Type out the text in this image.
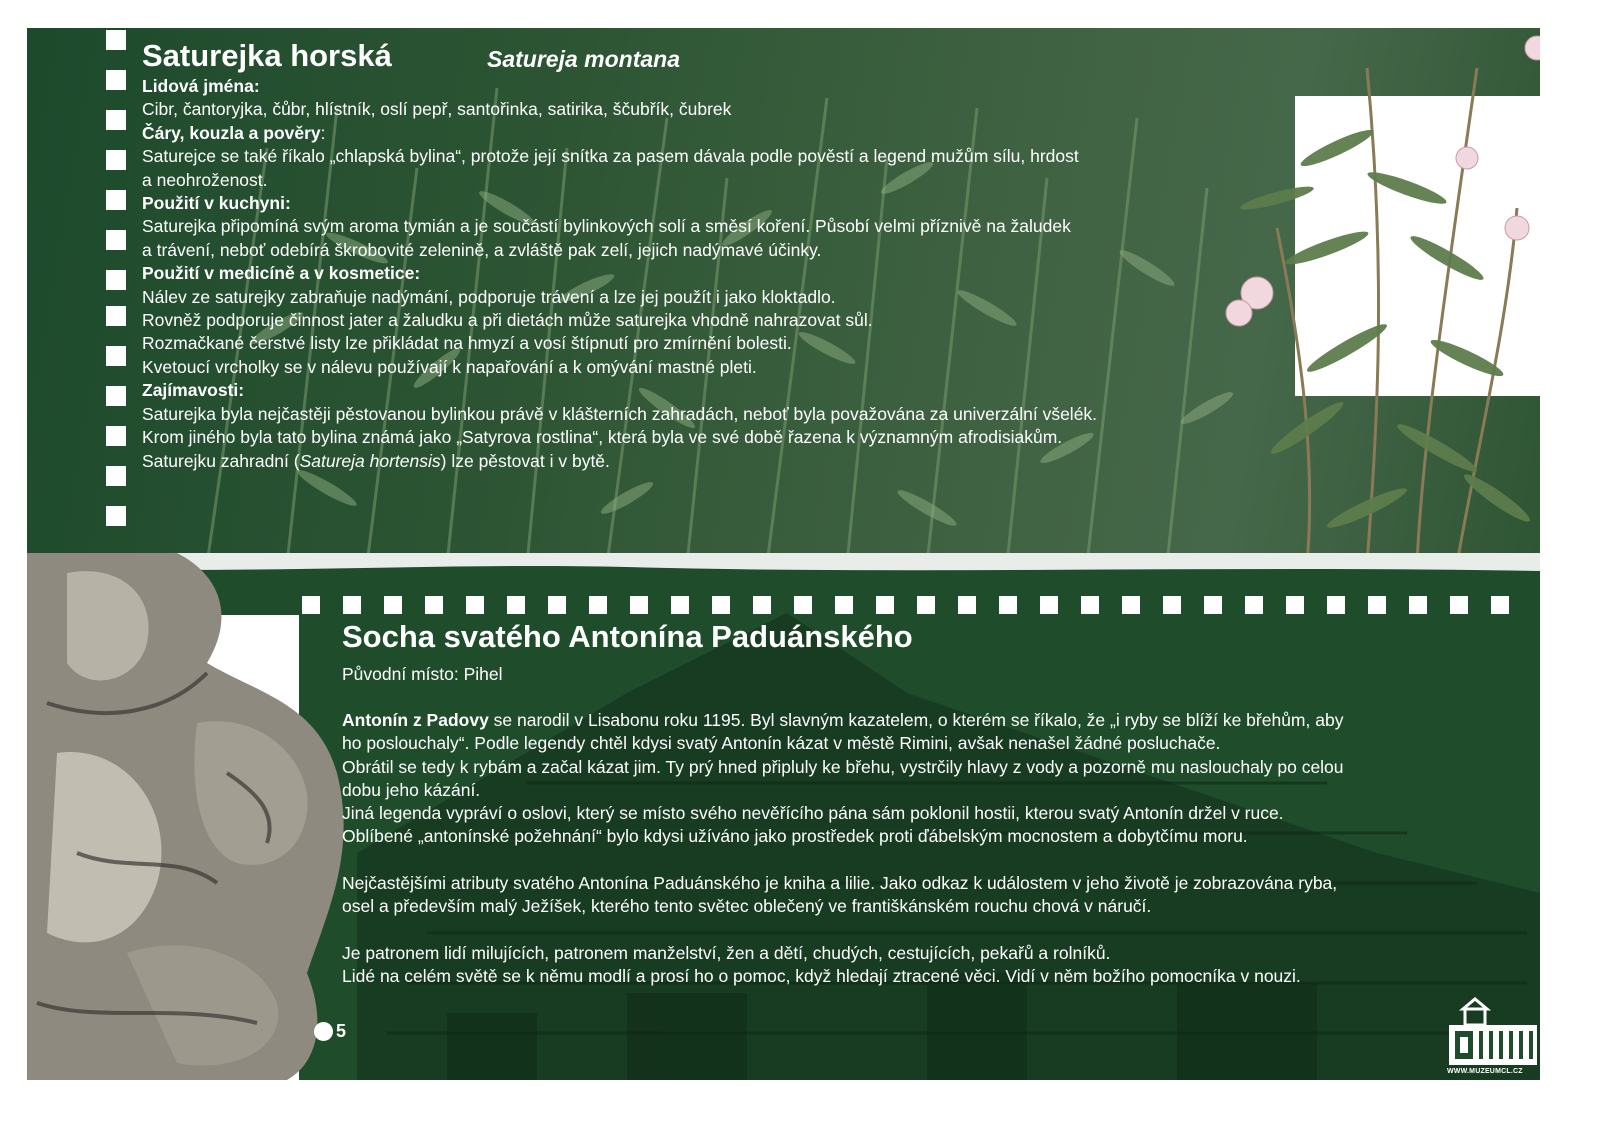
Saturejka horská	Satureja montana
Lidová jména:
Cibr, čantoryjka, čůbr, hlístník, oslí pepř, santořinka, satirika, ščubřík, čubrek
Čáry, kouzla a pověry:
Saturejce se také říkalo „chlapská bylina“, protože její snítka za pasem dávala podle pověstí a legend mužům sílu, hrdost
a neohroženost.
Použití v kuchyni:
Saturejka připomíná svým aroma tymián a je součástí bylinkových solí a směsí koření. Působí velmi příznivě na žaludek
a trávení, neboť odebírá škrobovité zelenině, a zvláště pak zelí, jejich nadýmavé účinky.
Použití v medicíně a v kosmetice:
Nálev ze saturejky zabraňuje nadýmání, podporuje trávení a lze jej použít i jako kloktadlo.
Rovněž podporuje činnost jater a žaludku a při dietách může saturejka vhodně nahrazovat sůl.
Rozmačkané čerstvé listy lze přikládat na hmyzí a vosí štípnutí pro zmírnění bolesti.
Kvetoucí vrcholky se v nálevu používají k napařování a k omývání mastné pleti.
Zajímavosti:
Saturejka byla nejčastěji pěstovanou bylinkou právě v klášterních zahradách, neboť byla považována za univerzální všelék.
Krom jiného byla tato bylina známá jako „Satyrova rostlina“, která byla ve své době řazena k významným afrodisiakům.
Saturejku zahradní (Satureja hortensis) lze pěstovat i v bytě.
Socha svatého Antonína Paduánského
Původní místo: Pihel
Antonín z Padovy se narodil v Lisabonu roku 1195. Byl slavným kazatelem, o kterém se říkalo, že „i ryby se blíží ke břehům, aby
ho poslouchaly“. Podle legendy chtěl kdysi svatý Antonín kázat v městě Rimini, avšak nenašel žádné posluchače.
Obrátil se tedy k rybám a začal kázat jim. Ty prý hned připluly ke břehu, vystrčily hlavy z vody a pozorně mu naslouchaly po celou
dobu jeho kázání.
Jiná legenda vypráví o oslovi, který se místo svého nevěřícího pána sám poklonil hostii, kterou svatý Antonín držel v ruce.
Oblíbené „antonínské požehnání“ bylo kdysi užíváno jako prostředek proti ďábelským mocnostem a dobytčímu moru.
Nejčastějšími atributy svatého Antonína Paduánského je kniha a lilie. Jako odkaz k událostem v jeho životě je zobrazována ryba,
osel a především malý Ježíšek, kterého tento světec oblečený ve františkánském rouchu chová v náručí.
Je patronem lidí milujících, patronem manželství, žen a dětí, chudých, cestujících, pekařů a rolníků.
Lidé na celém světě se k němu modlí a prosí ho o pomoc, když hledají ztracené věci. Vidí v něm božího pomocníka v nouzi.
5
WWW.MUZEUMCL.CZ
